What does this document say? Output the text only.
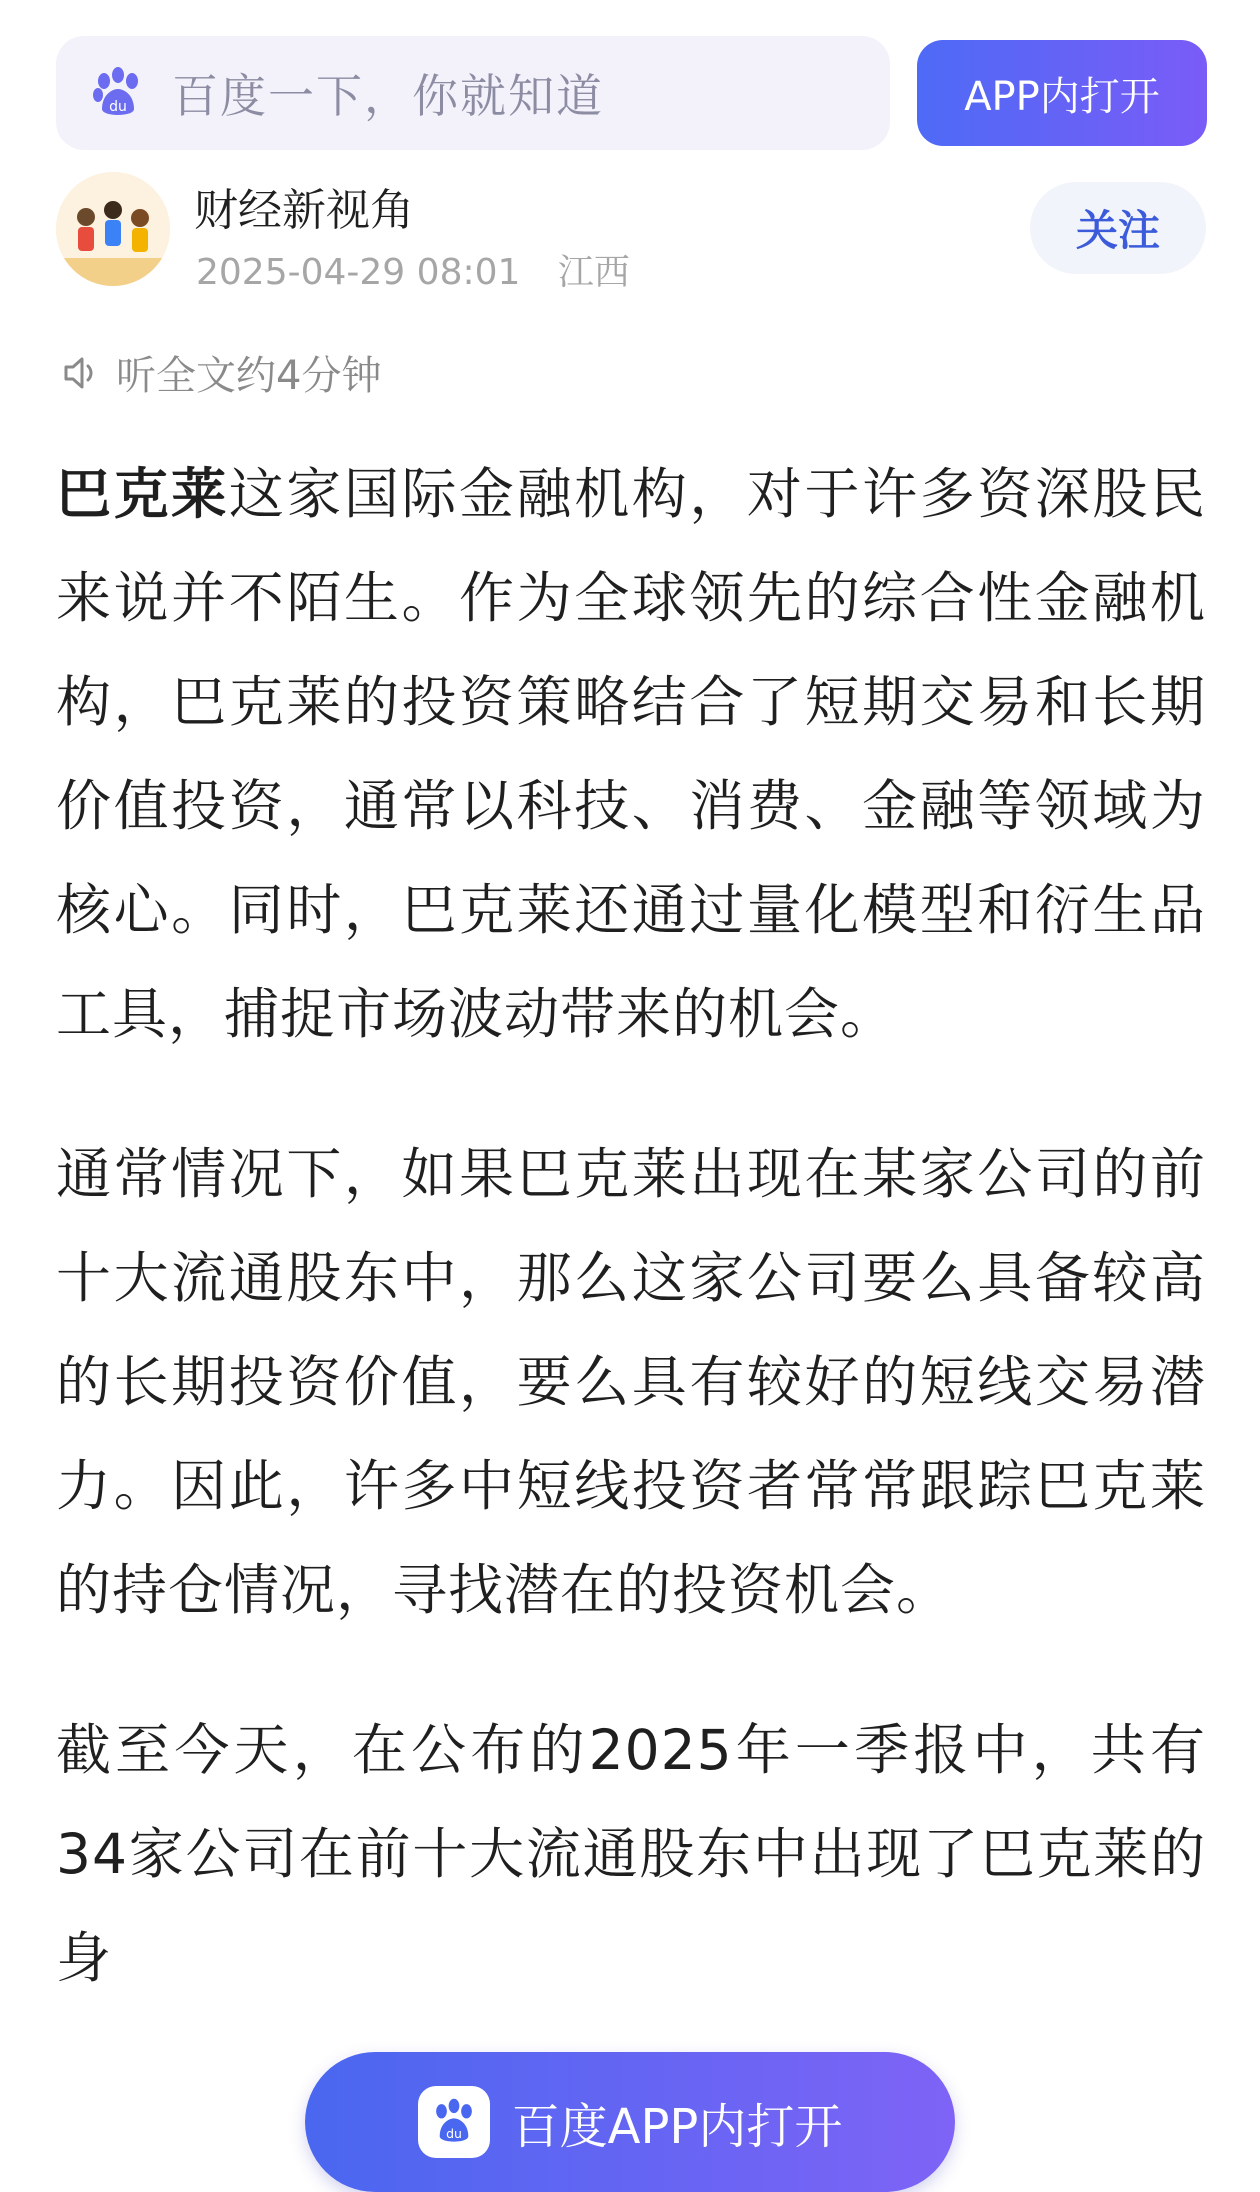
du 百度一下，你就知道	APP内打开
财经新视角
2025-04-29 08:01 江西
关注
听全文约4分钟

巴克莱这家国际金融机构，对于许多资深股民来说并不陌生。作为全球领先的综合性金融机构，巴克莱的投资策略结合了短期交易和长期价值投资，通常以科技、消费、金融等领域为核心。同时，巴克莱还通过量化模型和衍生品工具，捕捉市场波动带来的机会。

通常情况下，如果巴克莱出现在某家公司的前十大流通股东中，那么这家公司要么具备较高的长期投资价值，要么具有较好的短线交易潜力。因此，许多中短线投资者常常跟踪巴克莱的持仓情况，寻找潜在的投资机会。

截至今天，在公布的2025年一季报中，共有34家公司在前十大流通股东中出现了巴克莱的身

du 百度APP内打开
